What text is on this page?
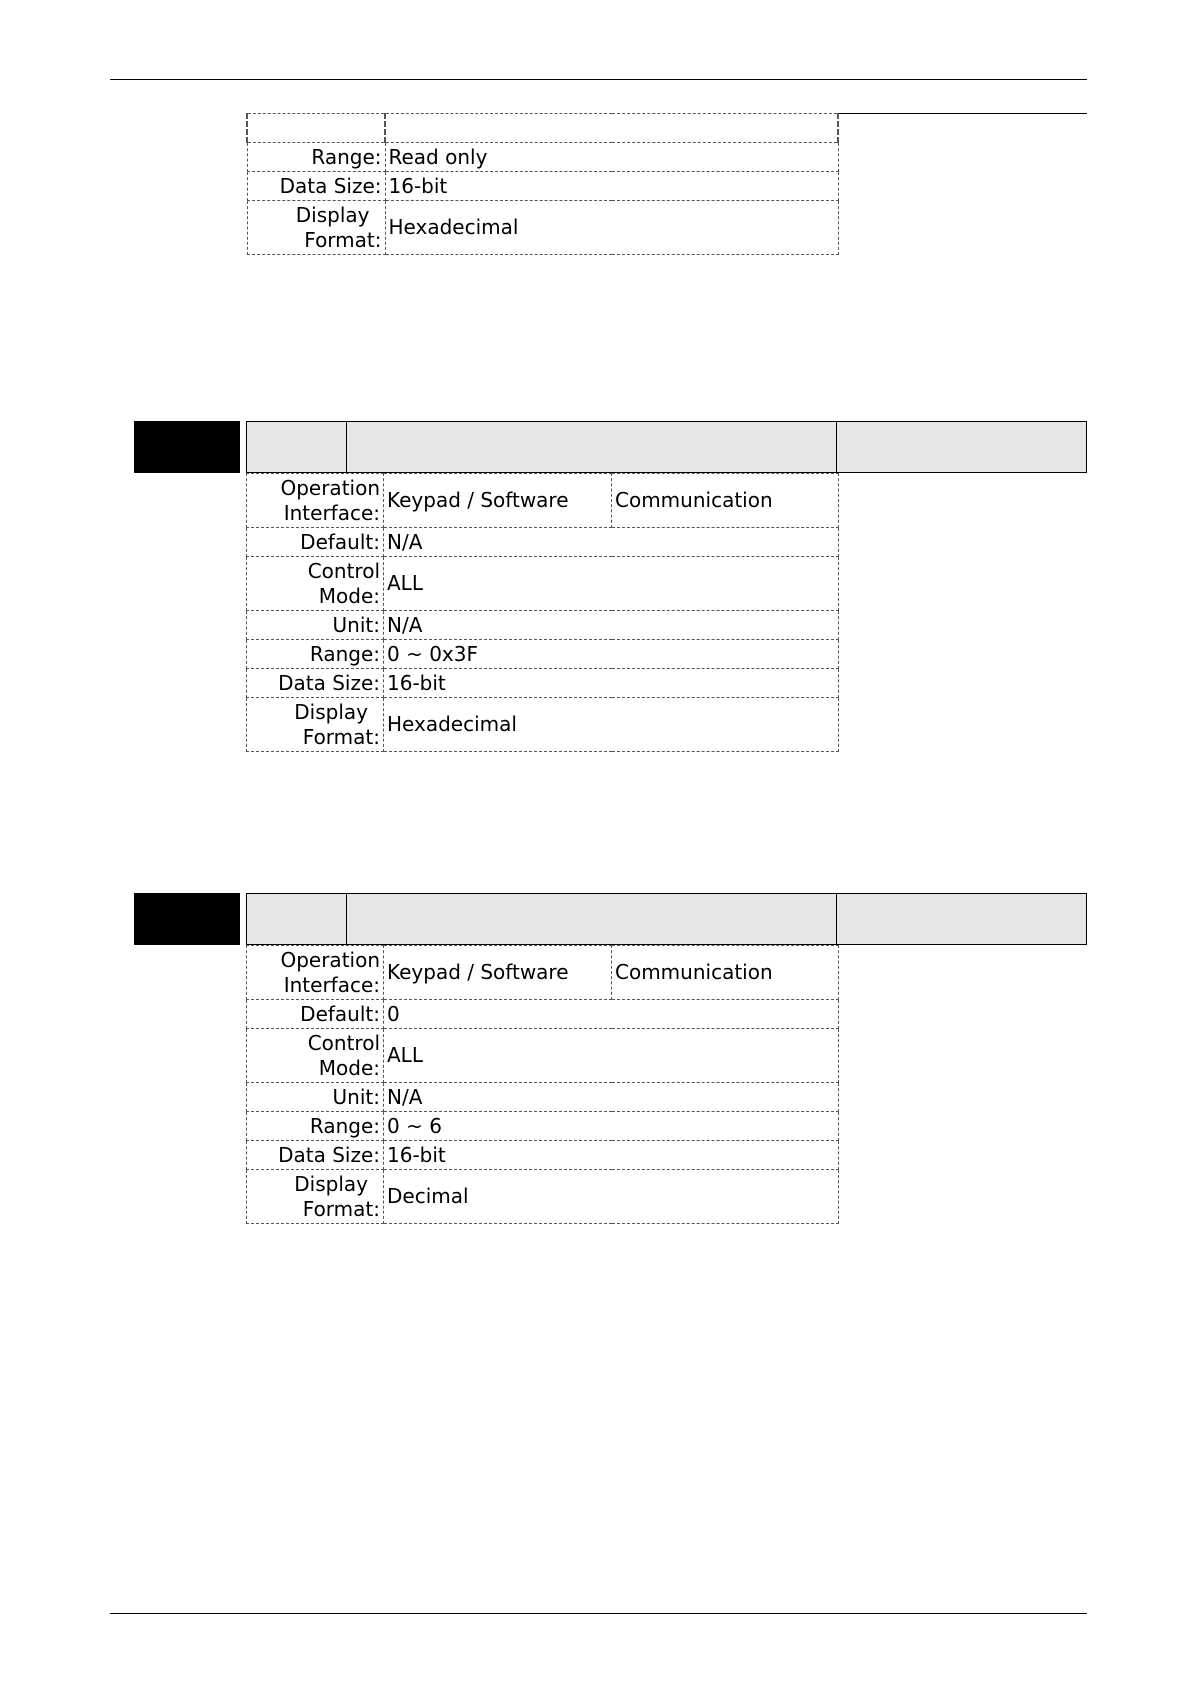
Range:	Read only
Data Size:	16-bit
Display
Format:	Hexadecimal
Operation
Interface:	Keypad / Software	Communication
Default:	N/A	
Control
Mode:	ALL	
Unit:	N/A	
Range:	0 ~ 0x3F	
Data Size:	16-bit	
Display
Format:	Hexadecimal	
Operation
Interface:	Keypad / Software	Communication
Default:	0	
Control
Mode:	ALL	
Unit:	N/A	
Range:	0 ~ 6	
Data Size:	16-bit	
Display
Format:	Decimal	
